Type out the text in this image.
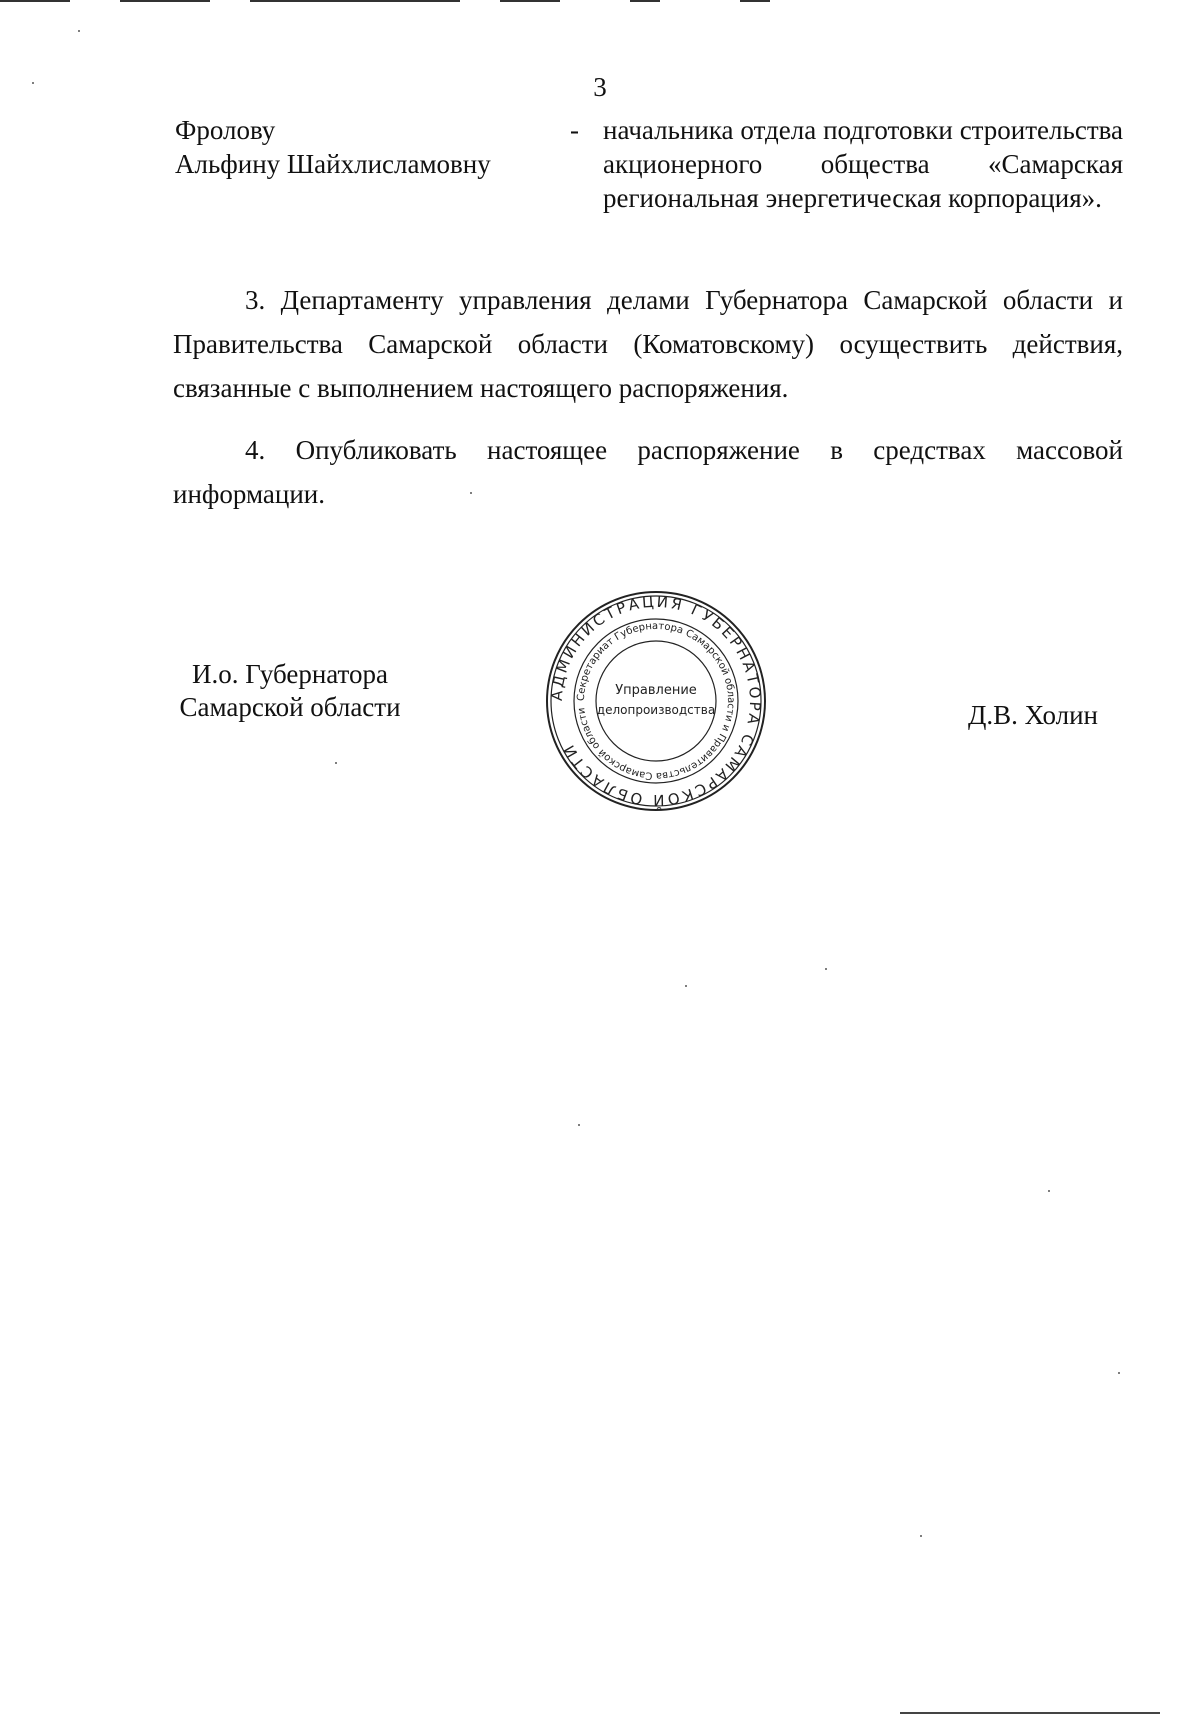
3
Фролову
Альфину Шайхлисламовну
- начальника отдела подготовки строительства акционерного общества «Самарская региональная энергетическая корпорация».
3. Департаменту управления делами Губернатора Самарской области и Правительства Самарской области (Коматовскому) осуществить действия, связанные с выполнением настоящего распоряжения.
4. Опубликовать настоящее распоряжение в средствах массовой информации.
И.о. Губернатора
Самарской области	АДМИНИСТРАЦИЯ ГУБЕРНАТОРА САМАРСКОЙ ОБЛАСТИ
Секретариат Губернатора Самарской области и Правительства Самарской области
Управление
делопроизводства	Д.В. Холин
